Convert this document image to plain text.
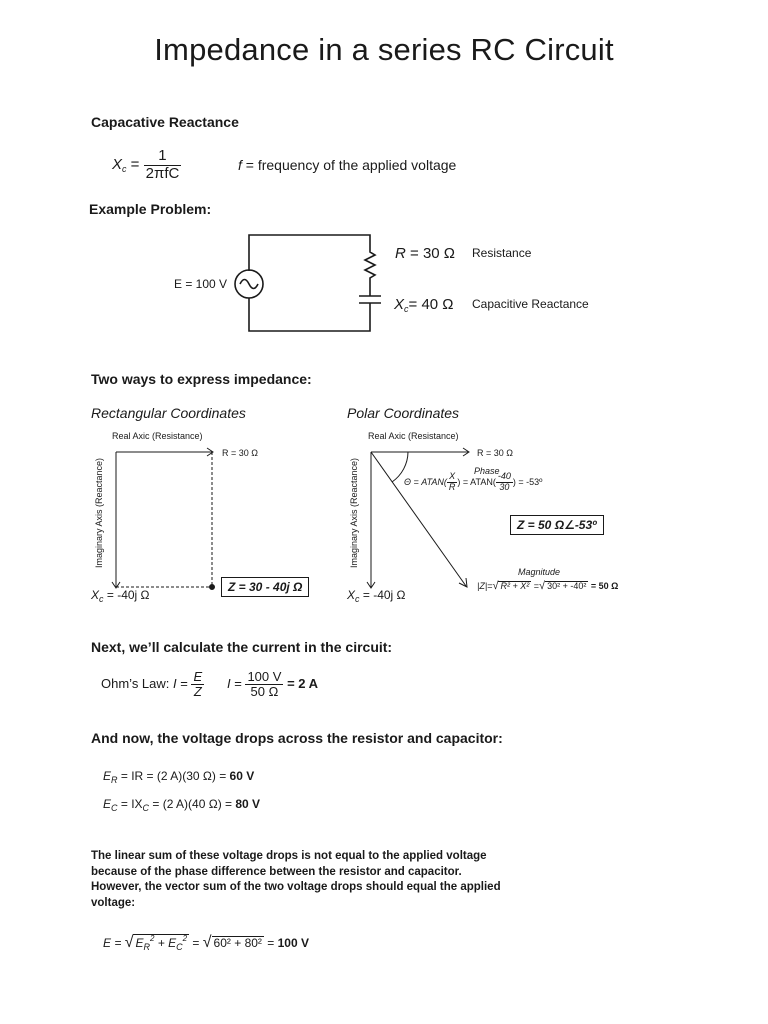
Impedance in a series RC Circuit
Capacative Reactance
$X_c = \frac{1}{\text{2πfC}}$	f = frequency of the applied voltage
Example Problem:
E = 100 V
R = 30 Ω Resistance
$X_c= 40$ Ω Capacitive Reactance
Two ways to express impedance:
Rectangular Coordinates	Polar Coordinates
Real Axic (Resistance)
Imaginary Axis (Reactance)
R = 30 Ω
$X_c = -40j$ Ω
Z = 30 - 40j Ω
Real Axic (Resistance)
Imaginary Axis (Reactance)
R = 30 Ω
Phase
Θ = ATAN( $\frac{X}{R}$ ) = ATAN( $\frac{-40}{30}$ ) = -53º
Z = 50 Ω∠-53º
Magnitude
|Z|=√ R² + X² =√ 30² + -40² = 50 Ω
$X_c = -40j$ Ω
Next, we’ll calculate the current in the circuit:
Ohm’s Law: $I = \frac{E}{Z}$ $I = \frac{100 V}{50 \Omega} = 2$ A
And now, the voltage drops across the resistor and capacitor:
$E_R$ = IR = (2 A)(30 Ω) = 60 V
$E_C = IX_C = (2$ A)(40 Ω) = 80 V
The linear sum of these voltage drops is not equal to the applied voltage because of the phase difference between the resistor and capacitor. However, the vector sum of the two voltage drops should equal the applied voltage:
E = √ $E_R^2 + E_C^2$ = √ 60² + 80² = 100 V
